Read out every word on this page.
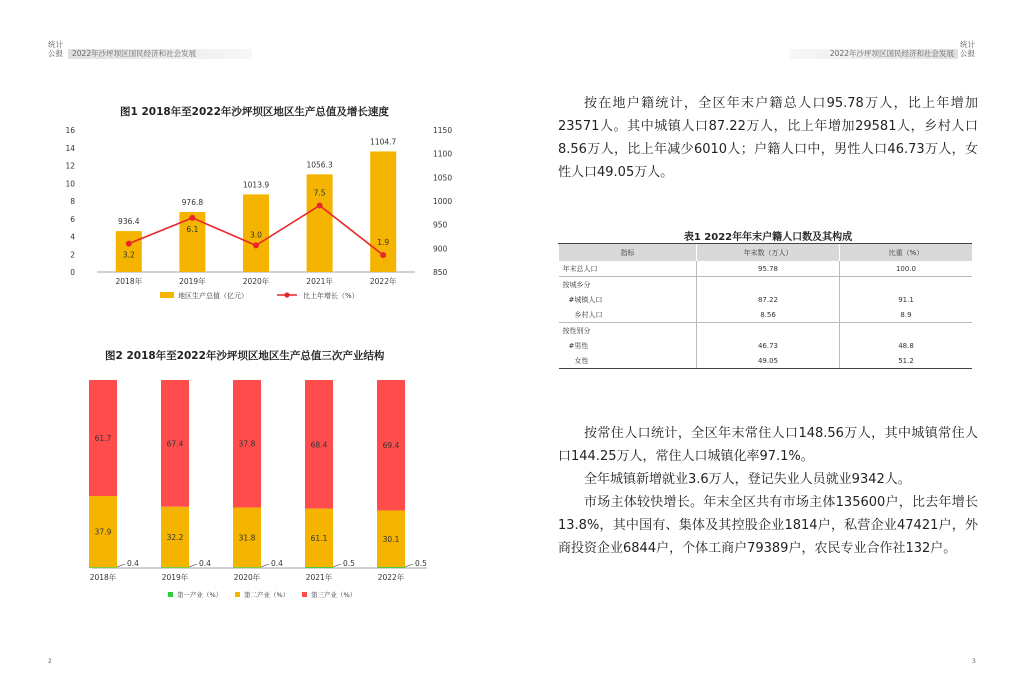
统计公报	2022年沙坪坝区国民经济和社会发展	2022年沙坪坝区国民经济和社会发展
统计公报
图1 2018年至2022年沙坪坝区地区生产总值及增长速度
0
2
4
6
8
10
12
14
16
850
900
950
1000
1050
1100
1150
936.4
976.8
1013.9
1056.3
1104.7
3.2
6.1
3.0
7.5
1.9
2018年	2019年	2020年	2021年	2022年
地区生产总值（亿元）	比上年增长（%）
图2 2018年至2022年沙坪坝区地区生产总值三次产业结构
0.4
37.9
61.7
0.4
32.2
67.4
0.4
31.8
37.8
0.5
61.1
68.4
0.5
30.1
69.4
2018年	2019年	2020年	2021年	2022年
第一产业（%）	第二产业（%）	第三产业（%）

按在地户籍统计，全区年末户籍总人口95.78万人，比上年增加23571人。其中城镇人口87.22万人，比上年增加29581人，乡村人口8.56万人，比上年减少6010人；户籍人口中，男性人口46.73万人，女性人口49.05万人。

表1 2022年年末户籍人口数及其构成
指标	年末数（万人）	比重（%）
年末总人口	95.78	100.0
按城乡分		
#城镇人口	87.22	91.1
乡村人口	8.56	8.9
按性别分		
#男性	46.73	48.8
女性	49.05	51.2

按常住人口统计，全区年末常住人口148.56万人，其中城镇常住人口144.25万人，常住人口城镇化率97.1%。

全年城镇新增就业3.6万人，登记失业人员就业9342人。

市场主体较快增长。年末全区共有市场主体135600户，比去年增长13.8%，其中国有、集体及其控股企业1814户，私营企业47421户，外商投资企业6844户，个体工商户79389户，农民专业合作社132户。

2	3
